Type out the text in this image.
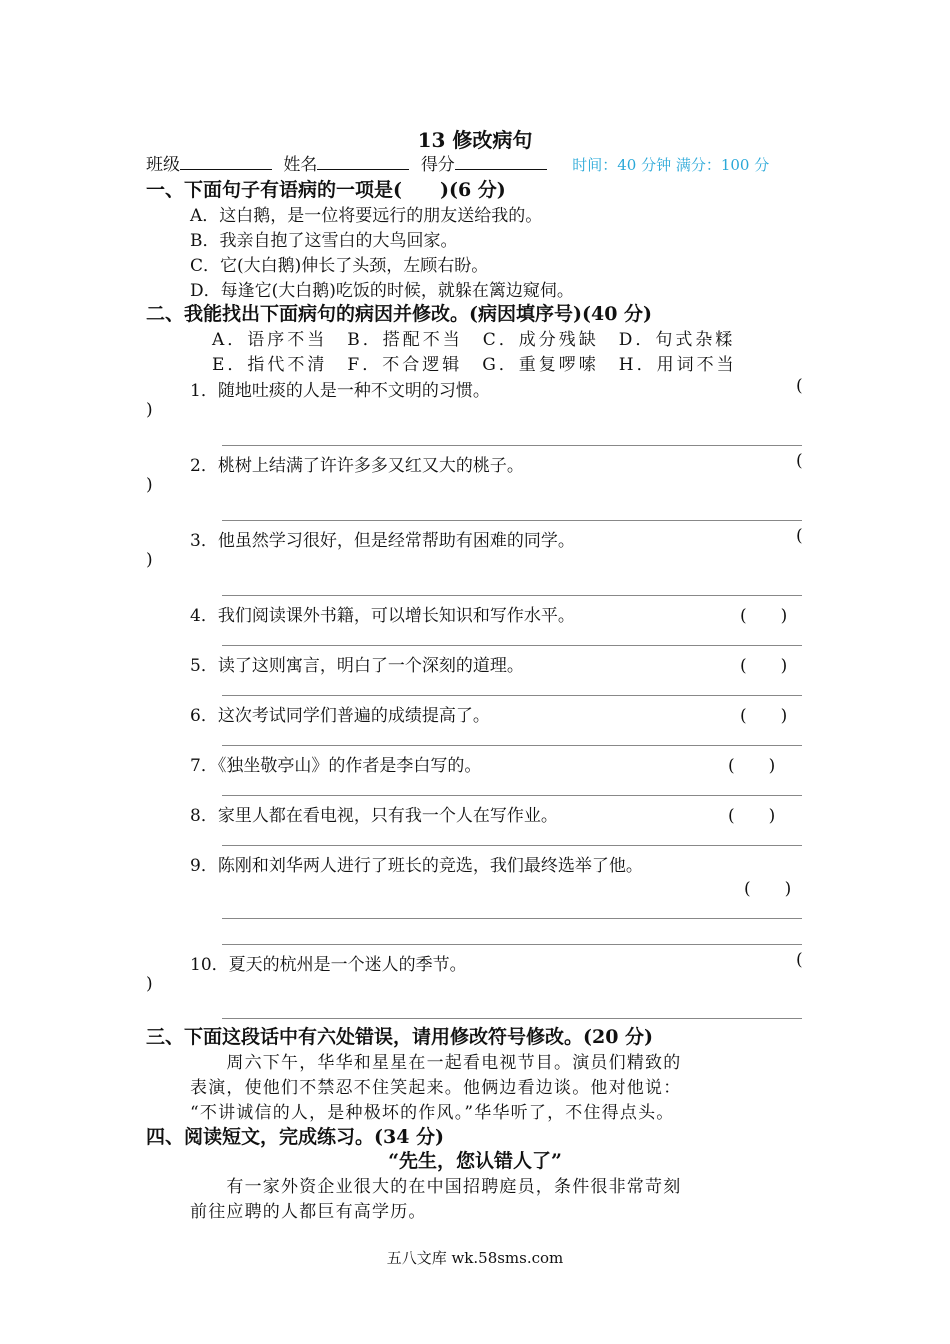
13 修改病句
班级	姓名	得分	时间：40 分钟 满分：100 分
一、下面句子有语病的一项是(　　)(6 分)
A．这白鹅，是一位将要远行的朋友送给我的。
B．我亲自抱了这雪白的大鸟回家。
C．它(大白鹅)伸长了头颈，左顾右盼。
D．每逢它(大白鹅)吃饭的时候，就躲在篱边窥伺。
二、我能找出下面病句的病因并修改。(病因填序号)(40 分)
A．语序不当　B．搭配不当　C．成分残缺　D．句式杂糅
E．指代不清　F．不合逻辑　G．重复啰嗦　H．用词不当
1．随地吐痰的人是一种不文明的习惯。	(
)
2．桃树上结满了许许多多又红又大的桃子。	(
)
3．他虽然学习很好，但是经常帮助有困难的同学。	(
)
4．我们阅读课外书籍，可以增长知识和写作水平。	(　　)
5．读了这则寓言，明白了一个深刻的道理。	(　　)
6．这次考试同学们普遍的成绩提高了。	(　　)
7．《独坐敬亭山》的作者是李白写的。	(　　)
8．家里人都在看电视，只有我一个人在写作业。	(　　)
9．陈刚和刘华两人进行了班长的竞选，我们最终选举了他。
(　　)
10．夏天的杭州是一个迷人的季节。	(
)
三、下面这段话中有六处错误，请用修改符号修改。(20 分)
　　周六下午，华华和星星在一起看电视节目。演员们精致的
表演，使他们不禁忍不住笑起来。他俩边看边谈。他对他说：
“不讲诚信的人，是种极坏的作风。”华华听了，不住得点头。
四、阅读短文，完成练习。(34 分)
“先生，您认错人了”
　　有一家外资企业很大的在中国招聘庭员，条件很非常苛刻
前往应聘的人都巨有高学历。
五八文库 wk.58sms.com
